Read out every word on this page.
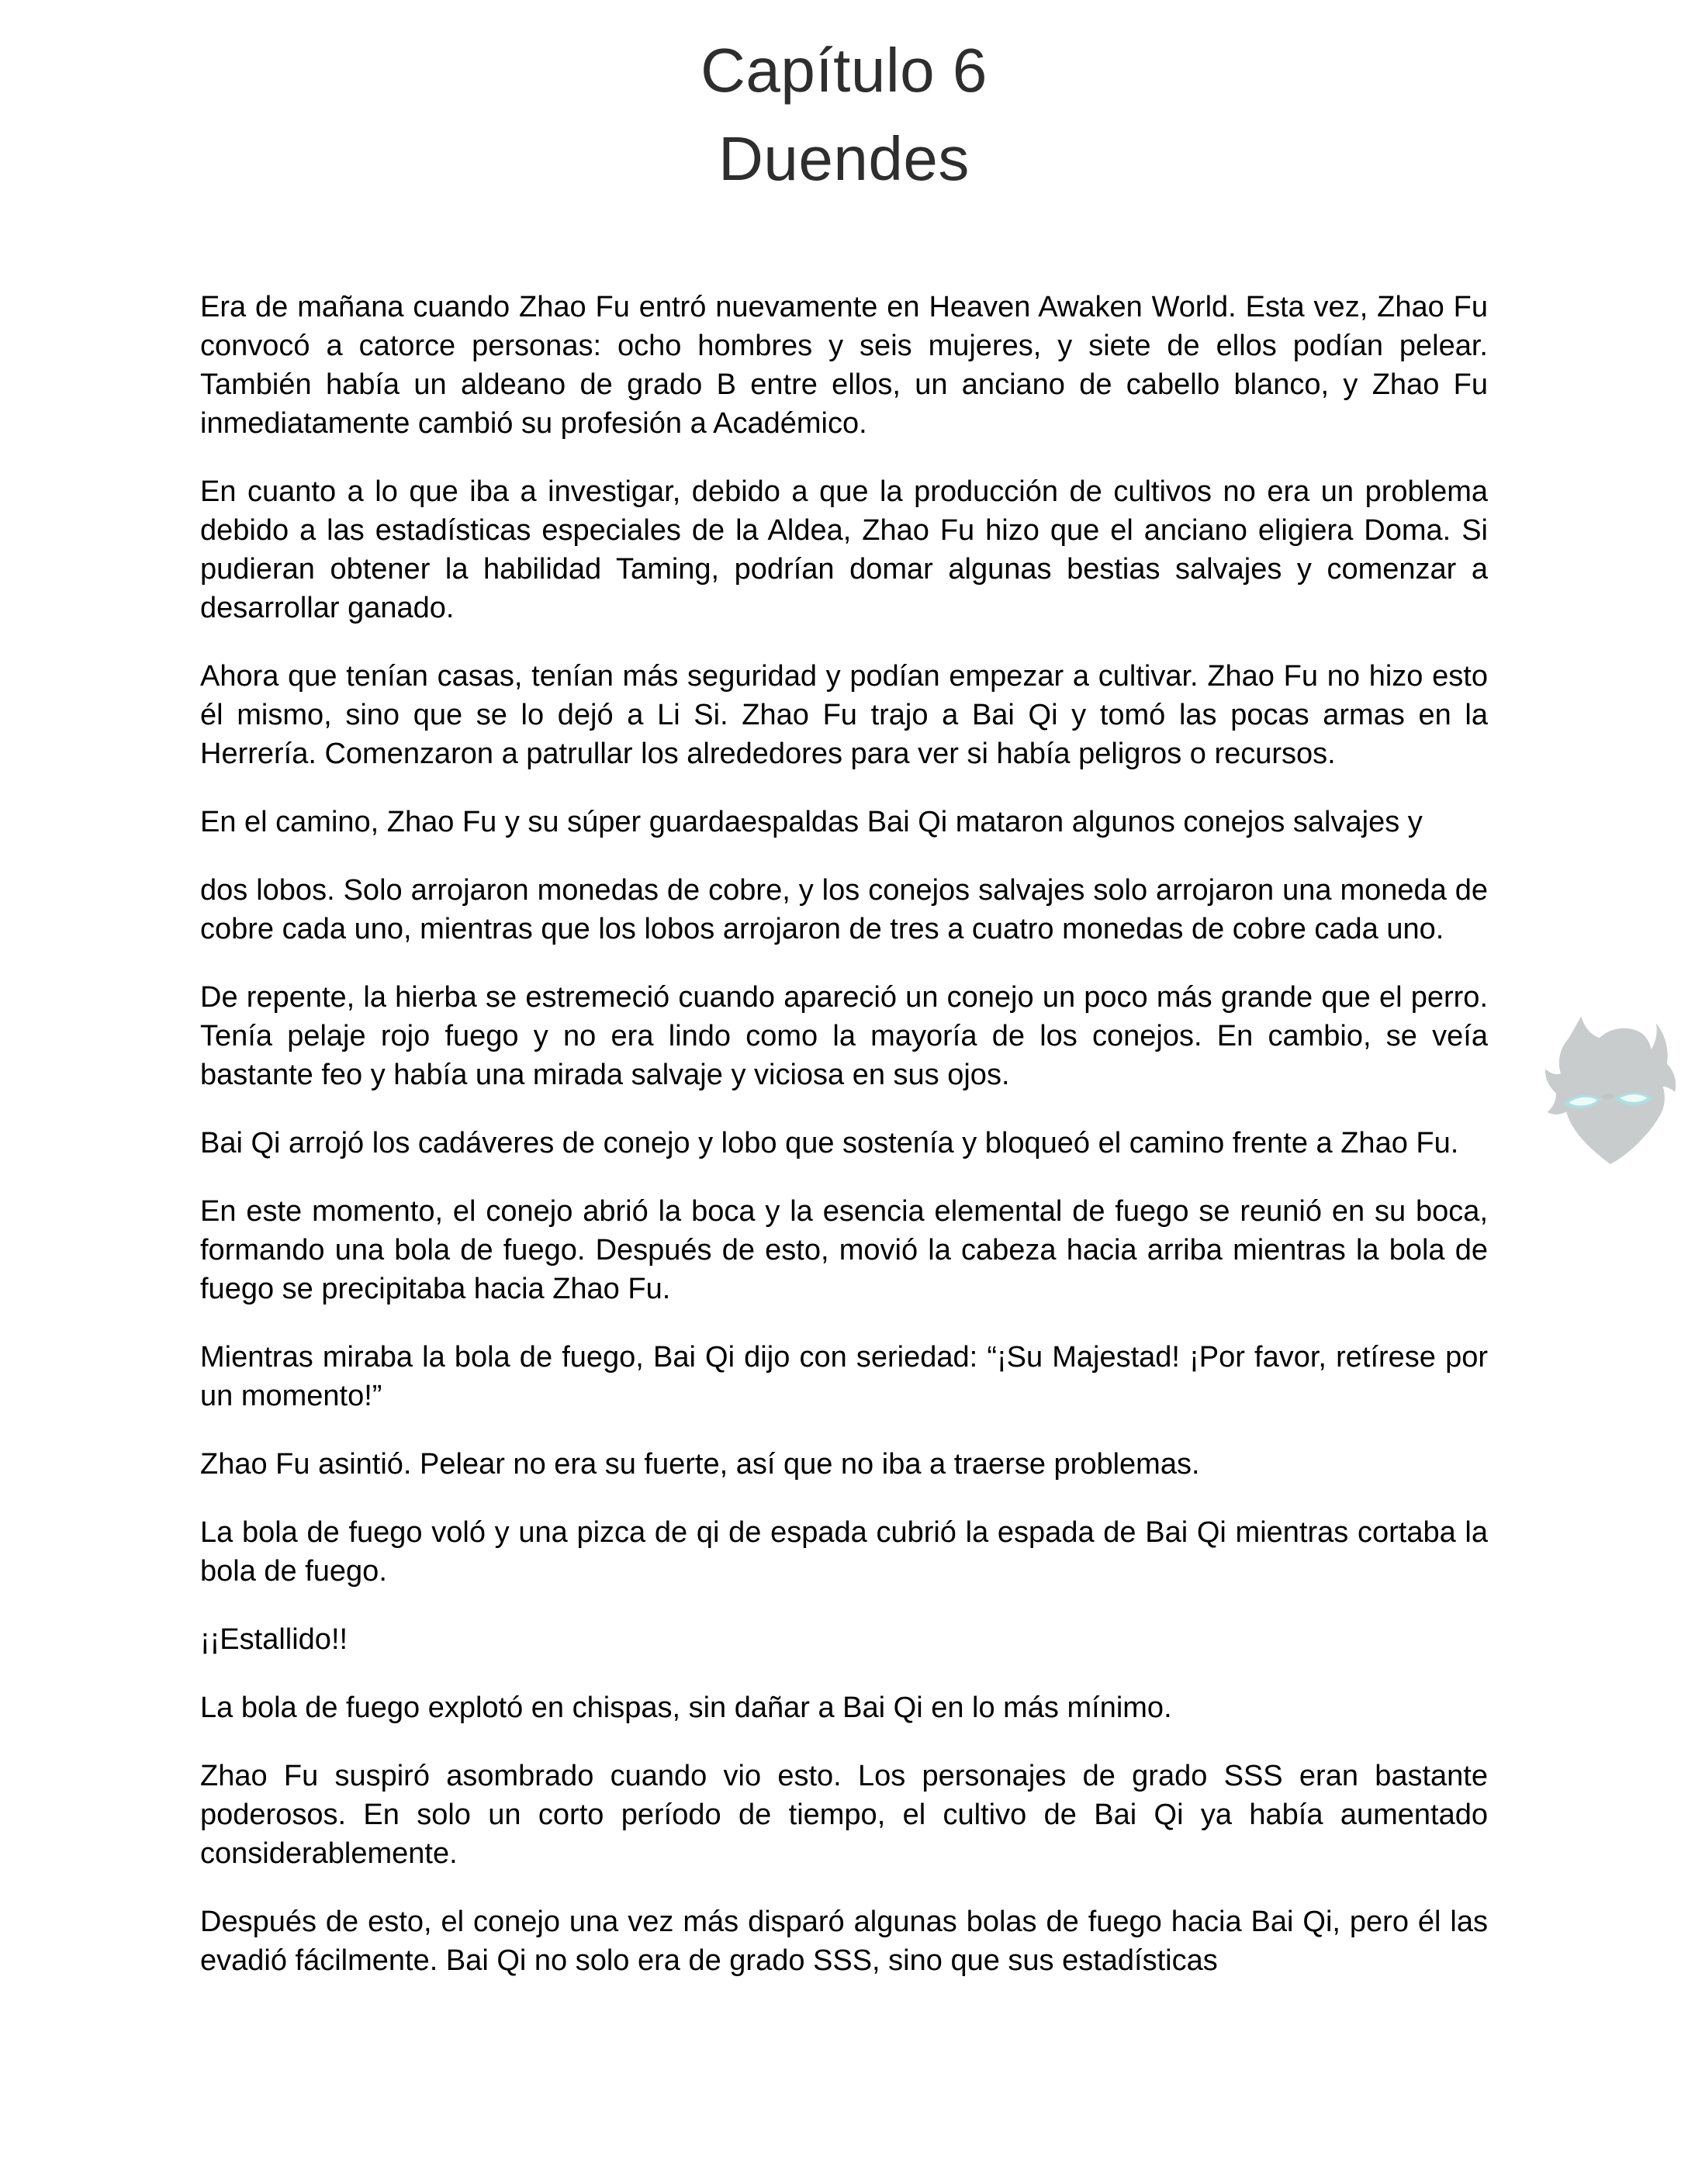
Capítulo 6
Duendes

Era de mañana cuando Zhao Fu entró nuevamente en Heaven Awaken World. Esta vez, Zhao Fu convocó a catorce personas: ocho hombres y seis mujeres, y siete de ellos podían pelear. También había un aldeano de grado B entre ellos, un anciano de cabello blanco, y Zhao Fu inmediatamente cambió su profesión a Académico.

En cuanto a lo que iba a investigar, debido a que la producción de cultivos no era un problema debido a las estadísticas especiales de la Aldea, Zhao Fu hizo que el anciano eligiera Doma. Si pudieran obtener la habilidad Taming, podrían domar algunas bestias salvajes y comenzar a desarrollar ganado.

Ahora que tenían casas, tenían más seguridad y podían empezar a cultivar. Zhao Fu no hizo esto él mismo, sino que se lo dejó a Li Si. Zhao Fu trajo a Bai Qi y tomó las pocas armas en la Herrería. Comenzaron a patrullar los alrededores para ver si había peligros o recursos.

En el camino, Zhao Fu y su súper guardaespaldas Bai Qi mataron algunos conejos salvajes y

dos lobos. Solo arrojaron monedas de cobre, y los conejos salvajes solo arrojaron una moneda de cobre cada uno, mientras que los lobos arrojaron de tres a cuatro monedas de cobre cada uno.

De repente, la hierba se estremeció cuando apareció un conejo un poco más grande que el perro. Tenía pelaje rojo fuego y no era lindo como la mayoría de los conejos. En cambio, se veía bastante feo y había una mirada salvaje y viciosa en sus ojos.

Bai Qi arrojó los cadáveres de conejo y lobo que sostenía y bloqueó el camino frente a Zhao Fu.

En este momento, el conejo abrió la boca y la esencia elemental de fuego se reunió en su boca, formando una bola de fuego. Después de esto, movió la cabeza hacia arriba mientras la bola de fuego se precipitaba hacia Zhao Fu.

Mientras miraba la bola de fuego, Bai Qi dijo con seriedad: “¡Su Majestad! ¡Por favor, retírese por un momento!”

Zhao Fu asintió. Pelear no era su fuerte, así que no iba a traerse problemas.

La bola de fuego voló y una pizca de qi de espada cubrió la espada de Bai Qi mientras cortaba la bola de fuego.

¡¡Estallido!!

La bola de fuego explotó en chispas, sin dañar a Bai Qi en lo más mínimo.

Zhao Fu suspiró asombrado cuando vio esto. Los personajes de grado SSS eran bastante poderosos. En solo un corto período de tiempo, el cultivo de Bai Qi ya había aumentado considerablemente.

Después de esto, el conejo una vez más disparó algunas bolas de fuego hacia Bai Qi, pero él las evadió fácilmente. Bai Qi no solo era de grado SSS, sino que sus estadísticas
